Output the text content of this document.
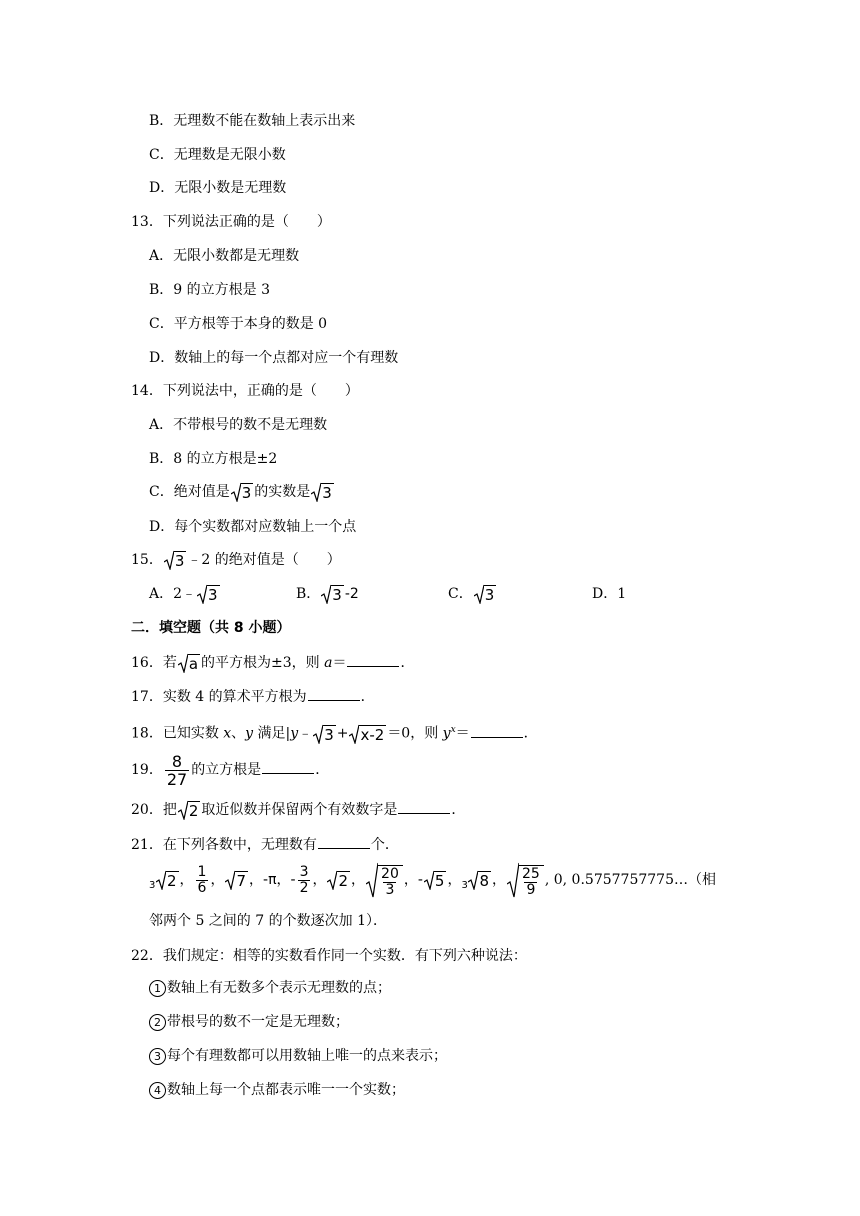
B．无理数不能在数轴上表示出来
C．无理数是无限小数
D．无限小数是无理数
13．下列说法正确的是（　　）
A．无限小数都是无理数
B．9 的立方根是 3
C．平方根等于本身的数是 0
D．数轴上的每一个点都对应一个有理数
14．下列说法中，正确的是（　　）
A．不带根号的数不是无理数
B．8 的立方根是±2
C．绝对值是 3 的实数是 3
D．每个实数都对应数轴上一个点
15． 3 ﹣2 的绝对值是（　　）
A．2﹣ 3	B． 3 -2	C． 3	D．1
二．填空题（共 8 小题）
16．若 a 的平方根为±3，则 a＝	．
17．实数 4 的算术平方根为	．
18．已知实数 x、y 满足|y﹣ 3 + x-2 ＝0，则 $y^x=$	．
19． $\frac{8}{27}$ 的立方根是	．
20．把 2 取近似数并保留两个有效数字是	．
21．在下列各数中，无理数有	个．
3 2 ， $\frac{1}{6}$ ， 7 ，-π，- $\frac{3}{2}$ ， 2 ， $\frac{20}{3}$ ，- 5 ， 3 8 ， $\frac{25}{9}$ , 0, 0.5757757775…（相
邻两个 5 之间的 7 的个数逐次加 1）．
22．我们规定：相等的实数看作同一个实数．有下列六种说法：
1 数轴上有无数多个表示无理数的点；
2 带根号的数不一定是无理数；
3 每个有理数都可以用数轴上唯一的点来表示；
4 数轴上每一个点都表示唯一一个实数；
